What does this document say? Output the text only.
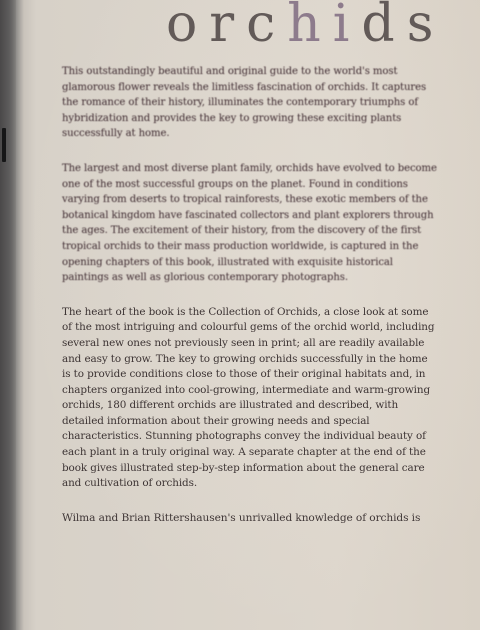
orchids

This outstandingly beautiful and original guide to the world's most glamorous flower reveals the limitless fascination of orchids. It captures the romance of their history, illuminates the contemporary triumphs of hybridization and provides the key to growing these exciting plants successfully at home.

The largest and most diverse plant family, orchids have evolved to become one of the most successful groups on the planet. Found in conditions varying from deserts to tropical rainforests, these exotic members of the botanical kingdom have fascinated collectors and plant explorers through the ages. The excitement of their history, from the discovery of the first tropical orchids to their mass production worldwide, is captured in the opening chapters of this book, illustrated with exquisite historical paintings as well as glorious contemporary photographs.

The heart of the book is the Collection of Orchids, a close look at some of the most intriguing and colourful gems of the orchid world, including several new ones not previously seen in print; all are readily available and easy to grow. The key to growing orchids successfully in the home is to provide conditions close to those of their original habitats and, in chapters organized into cool-growing, intermediate and warm-growing orchids, 180 different orchids are illustrated and described, with detailed information about their growing needs and special characteristics. Stunning photographs convey the individual beauty of each plant in a truly original way. A separate chapter at the end of the book gives illustrated step-by-step information about the general care and cultivation of orchids.

Wilma and Brian Rittershausen's unrivalled knowledge of orchids is
